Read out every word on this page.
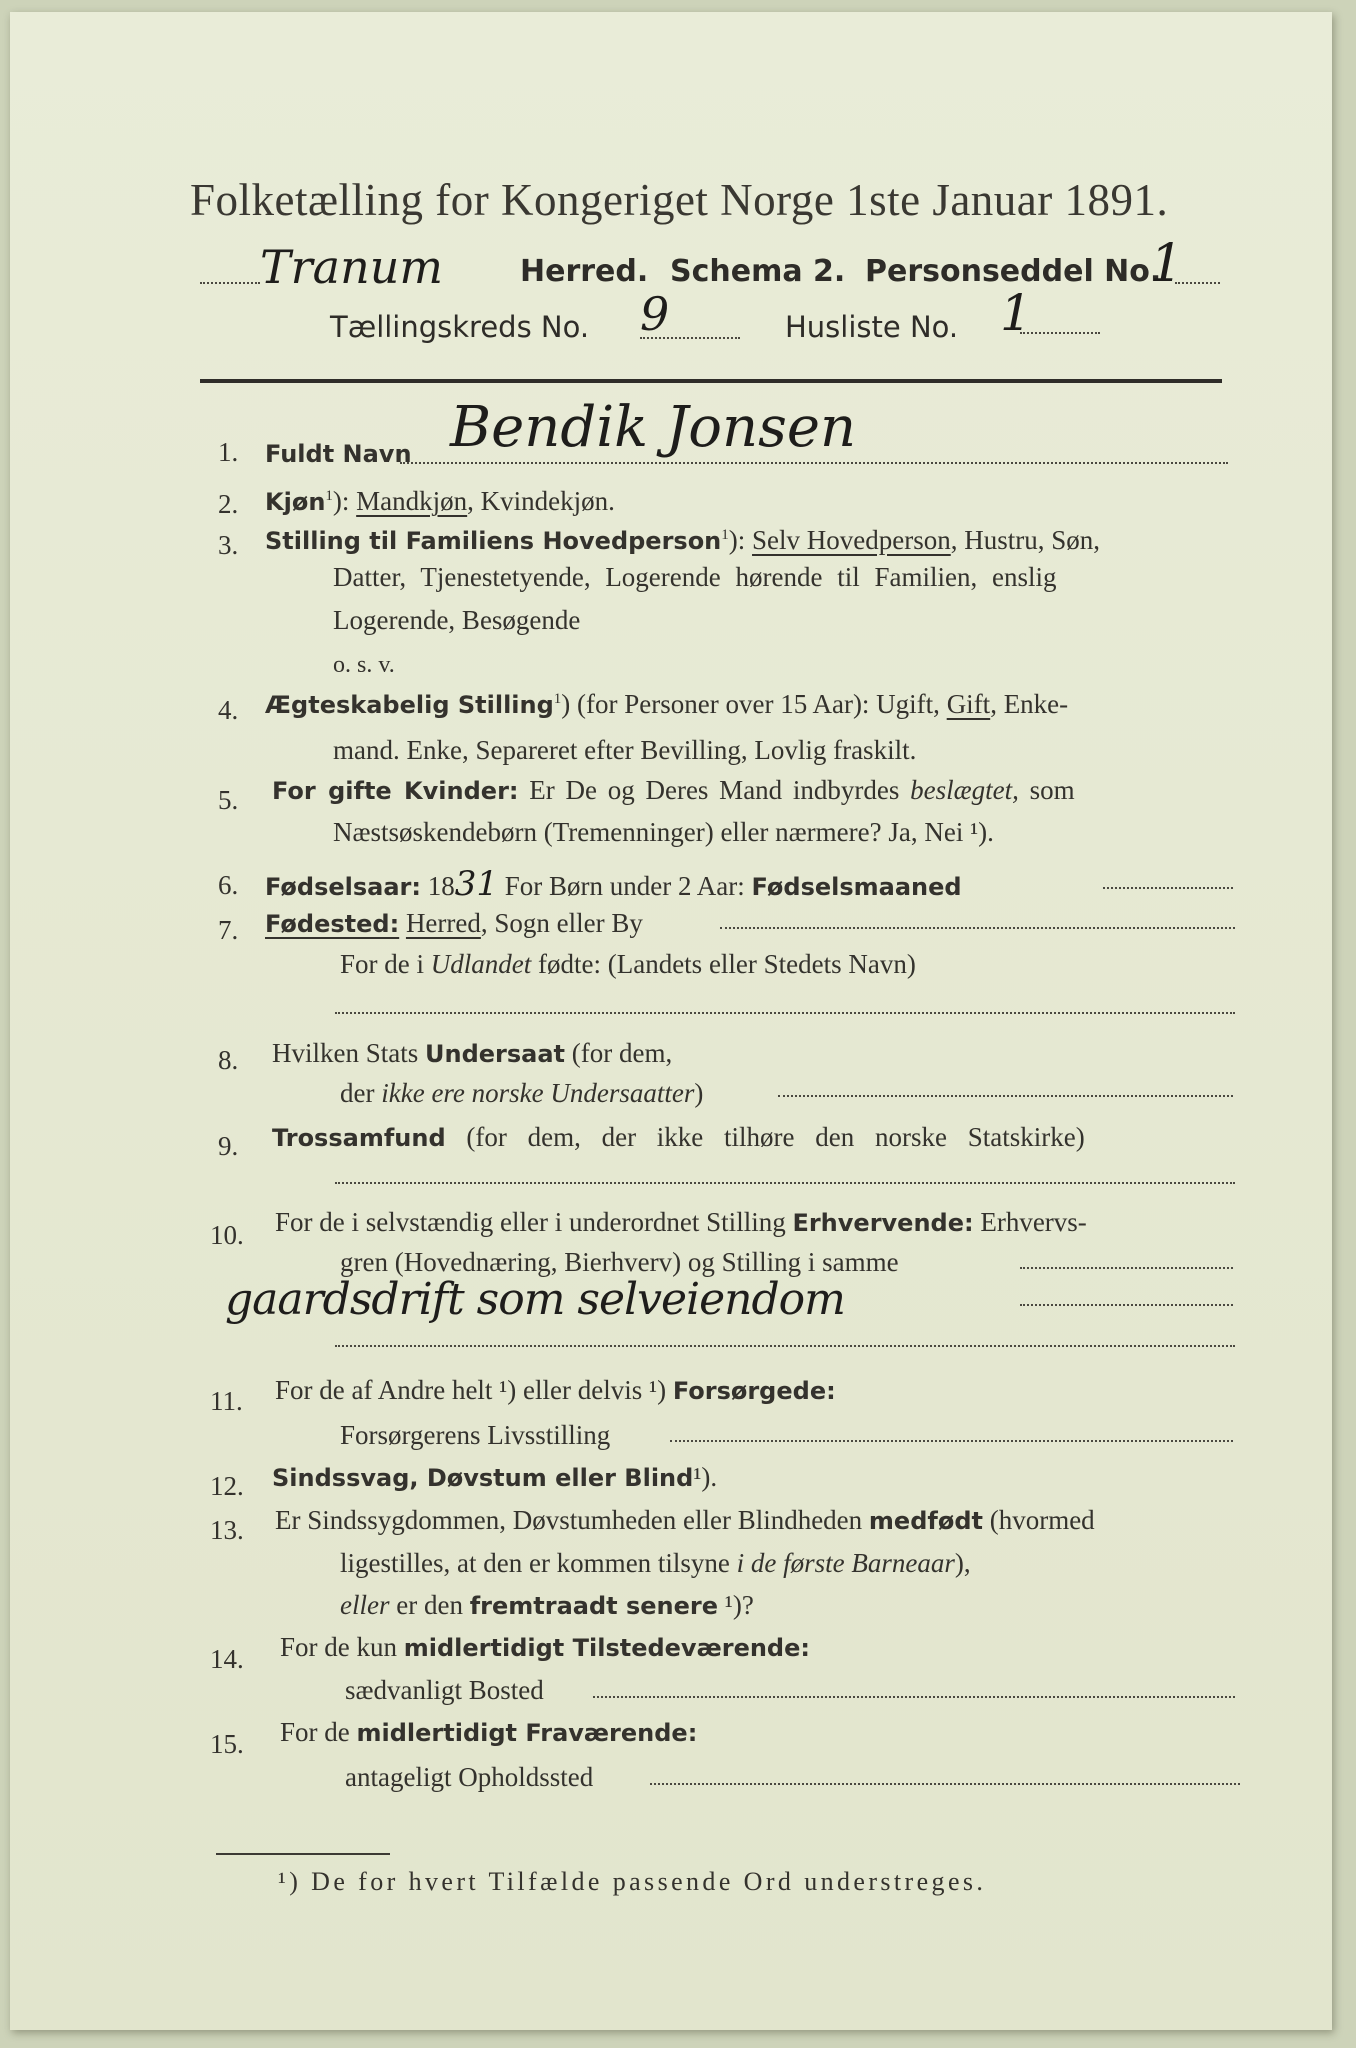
Folketælling for Kongeriget Norge 1ste Januar 1891.
Tranum	Herred. Schema 2. Personseddel No.
1
Tællingskreds No. 9	Husliste No. 1
1. Fuldt Navn Bendik Jonsen
2. Kjøn$^1$): Mandkjøn, Kvindekjøn.
3. Stilling til Familiens Hovedperson$^1$): Selv Hovedperson, Hustru, Søn,
Datter, Tjenestetyende, Logerende hørende til Familien, enslig
Logerende, Besøgende
o. s. v.
4. Ægteskabelig Stilling$^1$) (for Personer over 15 Aar): Ugift, Gift, Enke-
mand. Enke, Separeret efter Bevilling, Lovlig fraskilt.
5. For gifte Kvinder: Er De og Deres Mand indbyrdes beslægtet, som
Næstsøskendebørn (Tremenninger) eller nærmere? Ja, Nei ¹).
6. Fødselsaar: 1831 For Børn under 2 Aar: Fødselsmaaned
7. Fødested: Herred, Sogn eller By
For de i Udlandet fødte: (Landets eller Stedets Navn)
8. Hvilken Stats Undersaat (for dem,
der ikke ere norske Undersaatter)
9. Trossamfund (for dem, der ikke tilhøre den norske Statskirke)
10. For de i selvstændig eller i underordnet Stilling Erhvervende: Erhvervs-
gren (Hovednæring, Bierhverv) og Stilling i samme
gaardsdrift som selveiendom
11. For de af Andre helt ¹) eller delvis ¹) Forsørgede:
Forsørgerens Livsstilling
12. Sindssvag, Døvstum eller Blind¹).
13. Er Sindssygdommen, Døvstumheden eller Blindheden medfødt (hvormed
ligestilles, at den er kommen tilsyne i de første Barneaar),
eller er den fremtraadt senere ¹)?
14. For de kun midlertidigt Tilstedeværende:
sædvanligt Bosted
15. For de midlertidigt Fraværende:
antageligt Opholdssted
¹) De for hvert Tilfælde passende Ord understreges.
